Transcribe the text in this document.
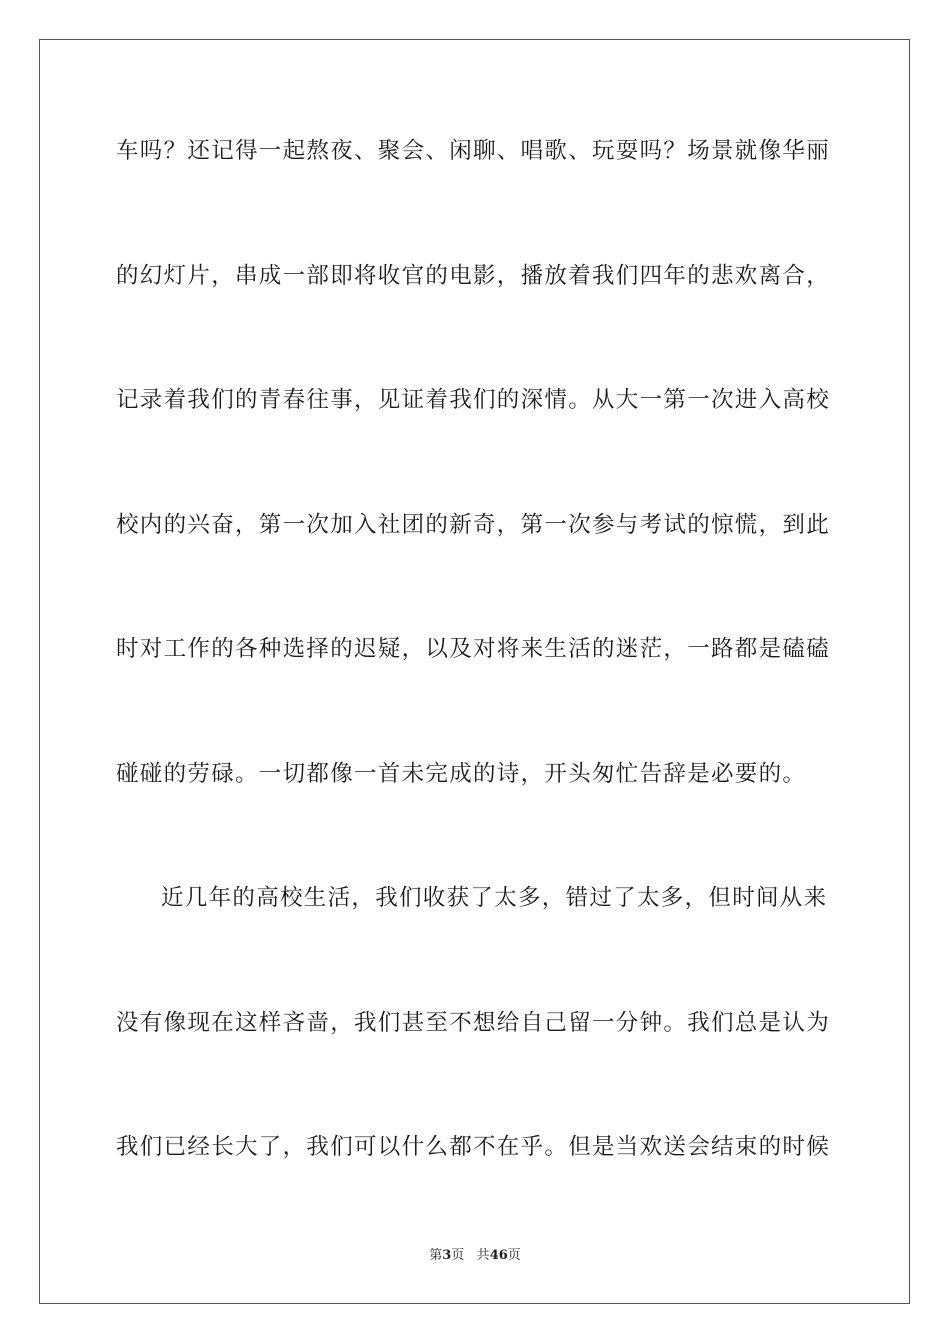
车吗？还记得一起熬夜、聚会、闲聊、唱歌、玩耍吗？场景就像华丽
的幻灯片，串成一部即将收官的电影，播放着我们四年的悲欢离合，
记录着我们的青春往事，见证着我们的深情。从大一第一次进入高校
校内的兴奋，第一次加入社团的新奇，第一次参与考试的惊慌，到此
时对工作的各种选择的迟疑，以及对将来生活的迷茫，一路都是磕磕
碰碰的劳碌。一切都像一首未完成的诗，开头匆忙告辞是必要的。
近几年的高校生活，我们收获了太多，错过了太多，但时间从来
没有像现在这样吝啬，我们甚至不想给自己留一分钟。我们总是认为
我们已经长大了，我们可以什么都不在乎。但是当欢送会结束的时候
第3页 共46页
